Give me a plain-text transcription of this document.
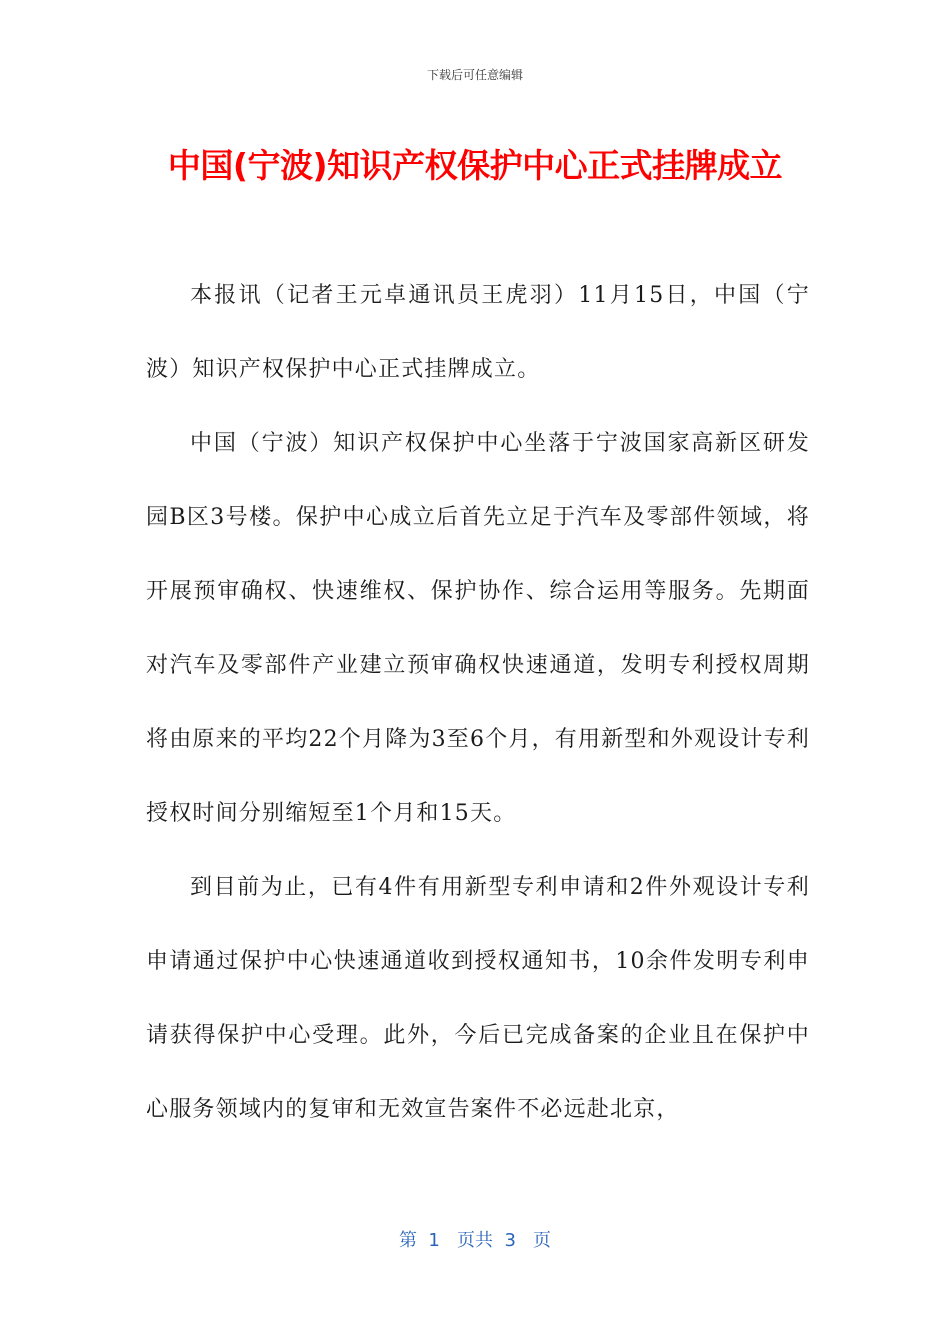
下载后可任意编辑
中国(宁波)知识产权保护中心正式挂牌成立

本报讯（记者王元卓通讯员王虎羽）11月15日，中国（宁波）知识产权保护中心正式挂牌成立。

中国（宁波）知识产权保护中心坐落于宁波国家高新区研发园B区3号楼。保护中心成立后首先立足于汽车及零部件领域，将开展预审确权、快速维权、保护协作、综合运用等服务。先期面对汽车及零部件产业建立预审确权快速通道，发明专利授权周期将由原来的平均22个月降为3至6个月，有用新型和外观设计专利授权时间分别缩短至1个月和15天。

到目前为止，已有4件有用新型专利申请和2件外观设计专利申请通过保护中心快速通道收到授权通知书，10余件发明专利申请获得保护中心受理。此外，今后已完成备案的企业且在保护中心服务领域内的复审和无效宣告案件不必远赴北京，

第  1   页共  3   页
